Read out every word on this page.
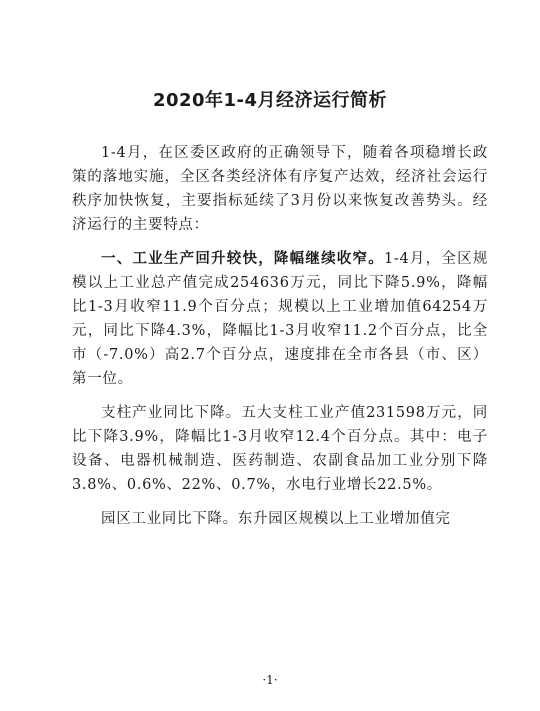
2020年1-4月经济运行简析

1-4月，在区委区政府的正确领导下，随着各项稳增长政策的落地实施，全区各类经济体有序复产达效，经济社会运行秩序加快恢复，主要指标延续了3月份以来恢复改善势头。经济运行的主要特点：

一、工业生产回升较快，降幅继续收窄。1-4月，全区规模以上工业总产值完成254636万元，同比下降5.9%，降幅比1-3月收窄11.9个百分点；规模以上工业增加值64254万元，同比下降4.3%，降幅比1-3月收窄11.2个百分点，比全市（-7.0%）高2.7个百分点，速度排在全市各县（市、区）第一位。

支柱产业同比下降。五大支柱工业产值231598万元，同比下降3.9%，降幅比1-3月收窄12.4个百分点。其中：电子设备、电器机械制造、医药制造、农副食品加工业分别下降3.8%、0.6%、22%、0.7%，水电行业增长22.5%。

园区工业同比下降。东升园区规模以上工业增加值完

·1·
